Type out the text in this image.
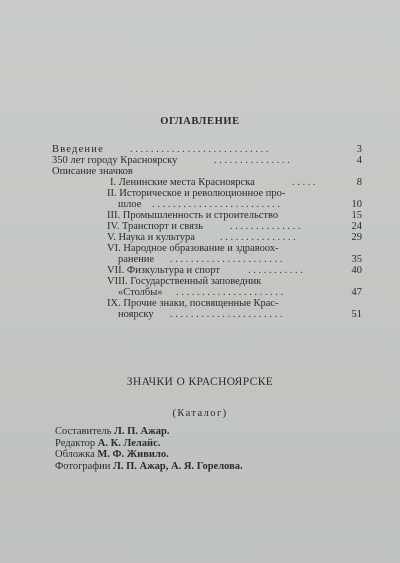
ОГЛАВЛЕНИЕ
Введение ...........................	3
350 лет городу Красноярску	...............	4
Описание значков
I. Ленинские места Красноярска	.....	8
II. Историческое и революционное про-
шлое .........................	10
III. Промышленность и строительство	15
IV. Транспорт и связь	..............	24
V. Наука и культура ...............	29
VI. Народное образование и здравоох-
ранение ......................	35
VII. Физкультура и спорт	...........	40
VIII. Государственный заповедник
«Столбы» .....................	47
IX. Прочие знаки, посвященные Крас-
ноярску ......................	51
ЗНАЧКИ О КРАСНОЯРСКЕ
(Каталог)
Составитель Л. П. Ажар.
Редактор А. К. Лелайс.
Обложка М. Ф. Живило.
Фотографии Л. П. Ажар, А. Я. Горелова.
